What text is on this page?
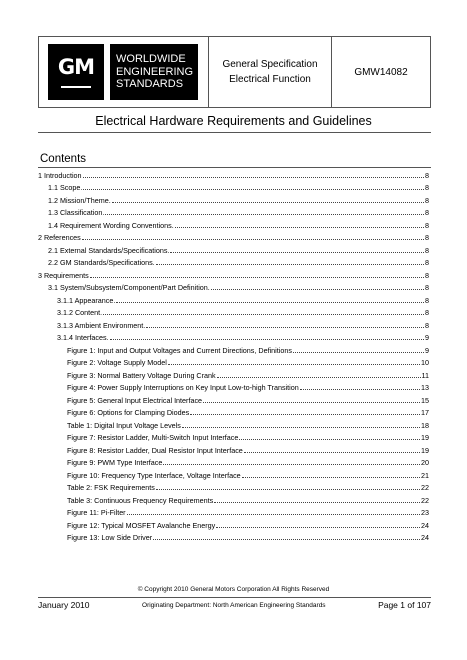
GM	WORLDWIDE
ENGINEERING
STANDARDS
General Specification
Electrical Function
GMW14082
Electrical Hardware Requirements and Guidelines
Contents
1 Introduction	8
1.1 Scope.	8
1.2 Mission/Theme.	8
1.3 Classification.	8
1.4 Requirement Wording Conventions.	8
2 References	8
2.1 External Standards/Specifications.	8
2.2 GM Standards/Specifications.	8
3 Requirements	8
3.1 System/Subsystem/Component/Part Definition.	8
3.1.1 Appearance.	8
3.1.2 Content.	8
3.1.3 Ambient Environment.	8
3.1.4 Interfaces.	9
Figure 1: Input and Output Voltages and Current Directions, Definitions	9
Figure 2: Voltage Supply Model	10
Figure 3: Normal Battery Voltage During Crank	11
Figure 4: Power Supply Interruptions on Key Input Low-to-high Transition	13
Figure 5: General Input Electrical Interface	15
Figure 6: Options for Clamping Diodes	17
Table 1: Digital Input Voltage Levels	18
Figure 7: Resistor Ladder, Multi-Switch Input Interface	19
Figure 8: Resistor Ladder, Dual Resistor Input Interface	19
Figure 9: PWM Type Interface	20
Figure 10: Frequency Type Interface, Voltage Interface	21
Table 2: FSK Requirements	22
Table 3: Continuous Frequency Requirements	22
Figure 11: Pi-Filter	23
Figure 12: Typical MOSFET Avalanche Energy	24
Figure 13: Low Side Driver	24
© Copyright 2010 General Motors Corporation All Rights Reserved
January 2010	Originating Department: North American Engineering Standards	Page 1 of 107
